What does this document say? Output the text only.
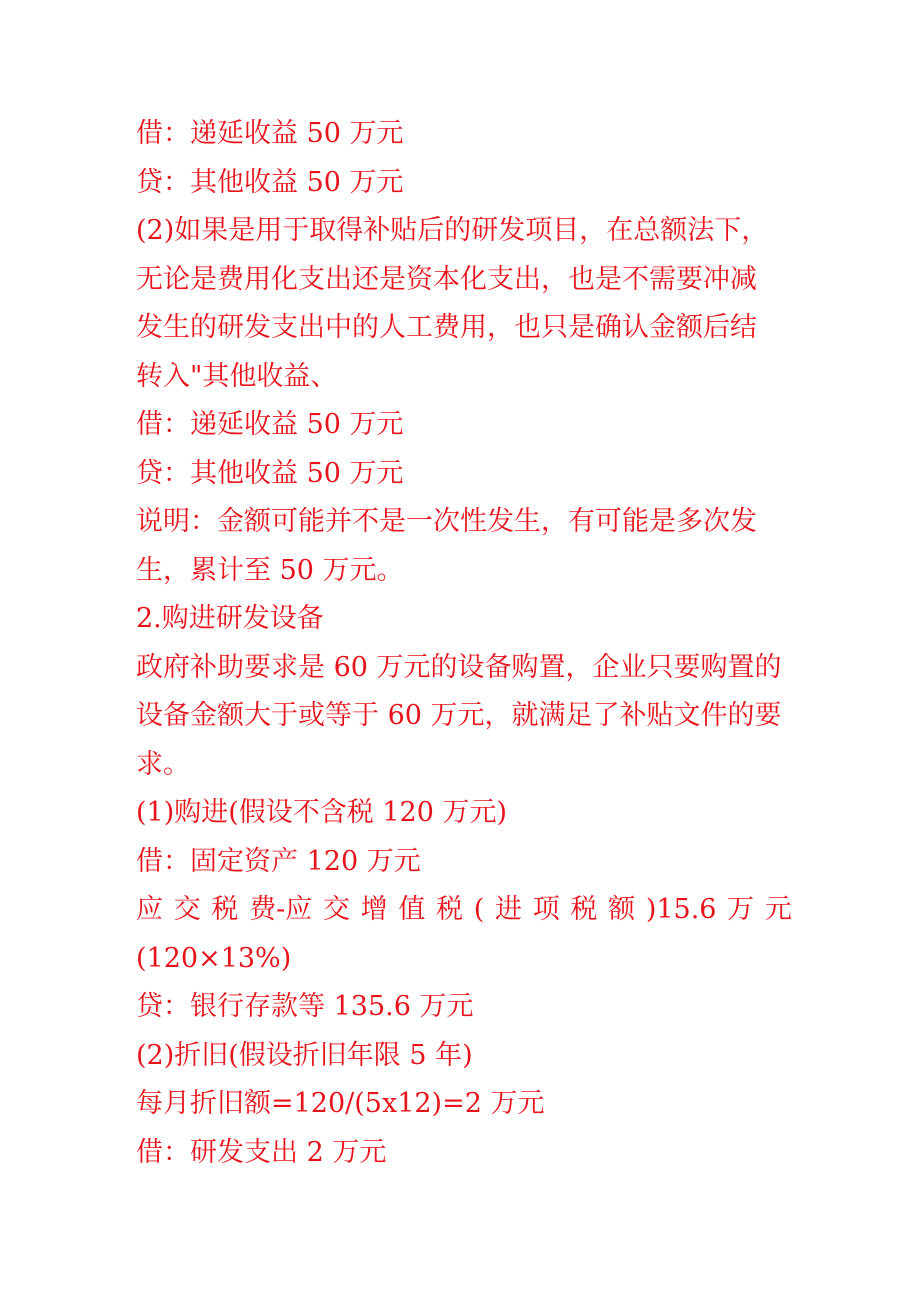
借：递延收益 50 万元
贷：其他收益 50 万元
(2)如果是用于取得补贴后的研发项目，在总额法下，
无论是费用化支出还是资本化支出，也是不需要冲减
发生的研发支出中的人工费用，也只是确认金额后结
转入"其他收益、
借：递延收益 50 万元
贷：其他收益 50 万元
说明：金额可能并不是一次性发生，有可能是多次发
生，累计至 50 万元。
2.购进研发设备
政府补助要求是 60 万元的设备购置，企业只要购置的
设备金额大于或等于 60 万元，就满足了补贴文件的要
求。
(1)购进(假设不含税 120 万元)
借：固定资产 120 万元
应 交 税 费-应 交 增 值 税 ( 进 项 税 额 )15.6 万 元
(120×13%)
贷：银行存款等 135.6 万元
(2)折旧(假设折旧年限 5 年)
每月折旧额=120/(5x12)=2 万元
借：研发支出 2 万元
